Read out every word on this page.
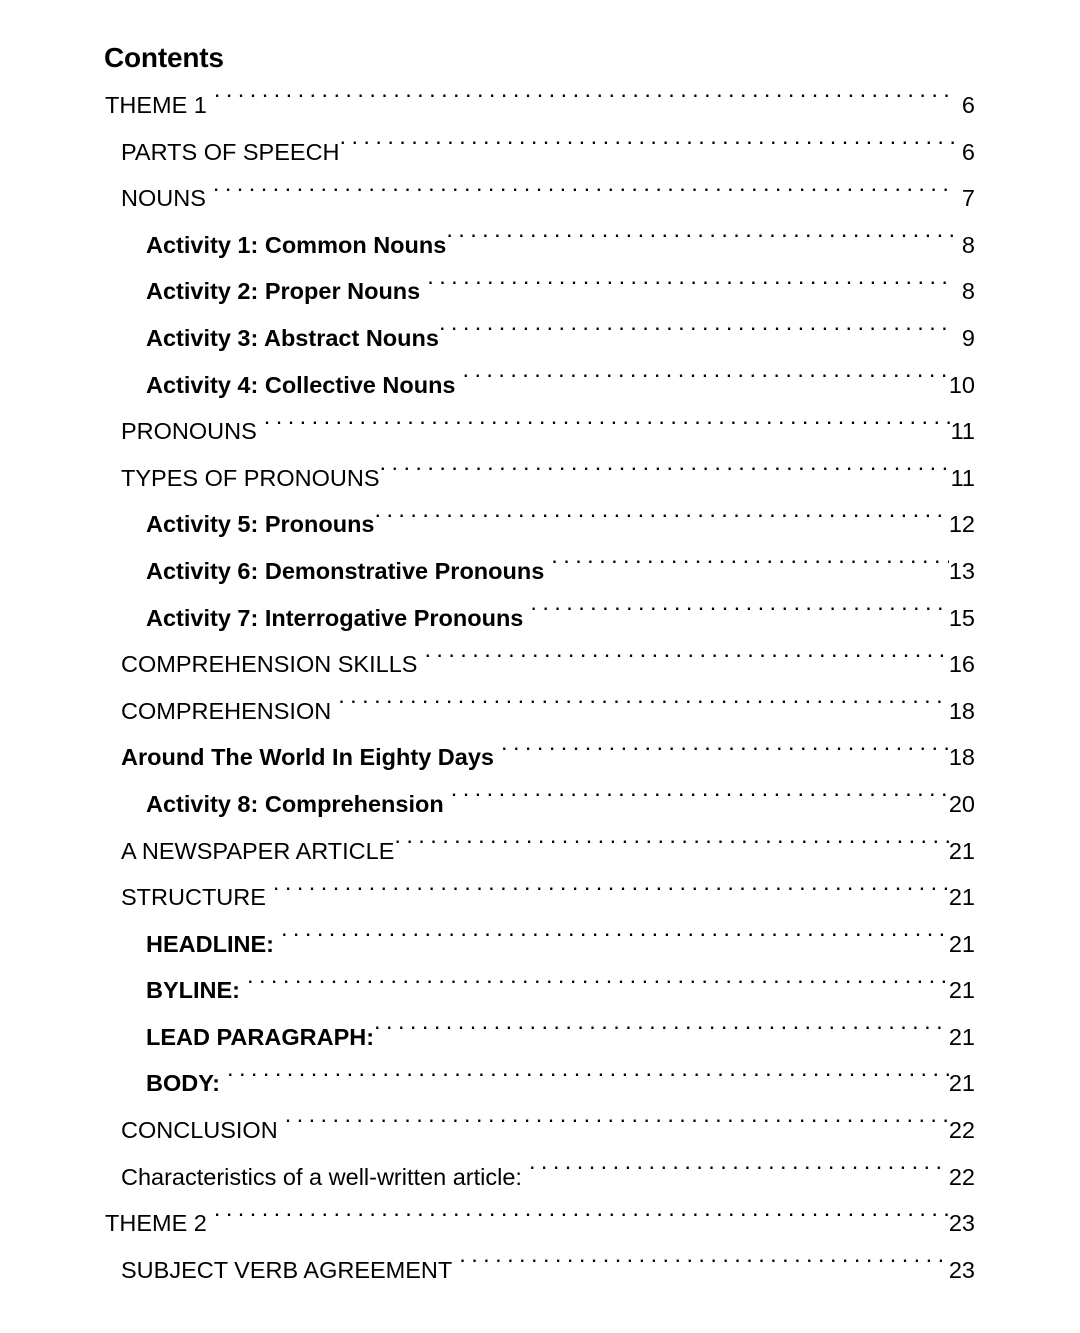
Contents
THEME 1 . . .	6
PARTS OF SPEECH . . .	6
NOUNS . . .	7
Activity 1: Common Nouns . . .	8
Activity 2: Proper Nouns . . .	8
Activity 3: Abstract Nouns . . .	9
Activity 4: Collective Nouns . . .	10
PRONOUNS . . .	11
TYPES OF PRONOUNS . . .	11
Activity 5: Pronouns . . .	12
Activity 6: Demonstrative Pronouns . . .	13
Activity 7: Interrogative Pronouns . . .	15
COMPREHENSION SKILLS . . .	16
COMPREHENSION . . .	18
Around The World In Eighty Days . . .	18
Activity 8: Comprehension . . .	20
A NEWSPAPER ARTICLE . . .	21
STRUCTURE . . .	21
HEADLINE: . . .	21
BYLINE: . . .	21
LEAD PARAGRAPH: . . .	21
BODY: . . .	21
CONCLUSION . . .	22
Characteristics of a well-written article: . . .	22
THEME 2 . . .	23
SUBJECT VERB AGREEMENT . . .	23
